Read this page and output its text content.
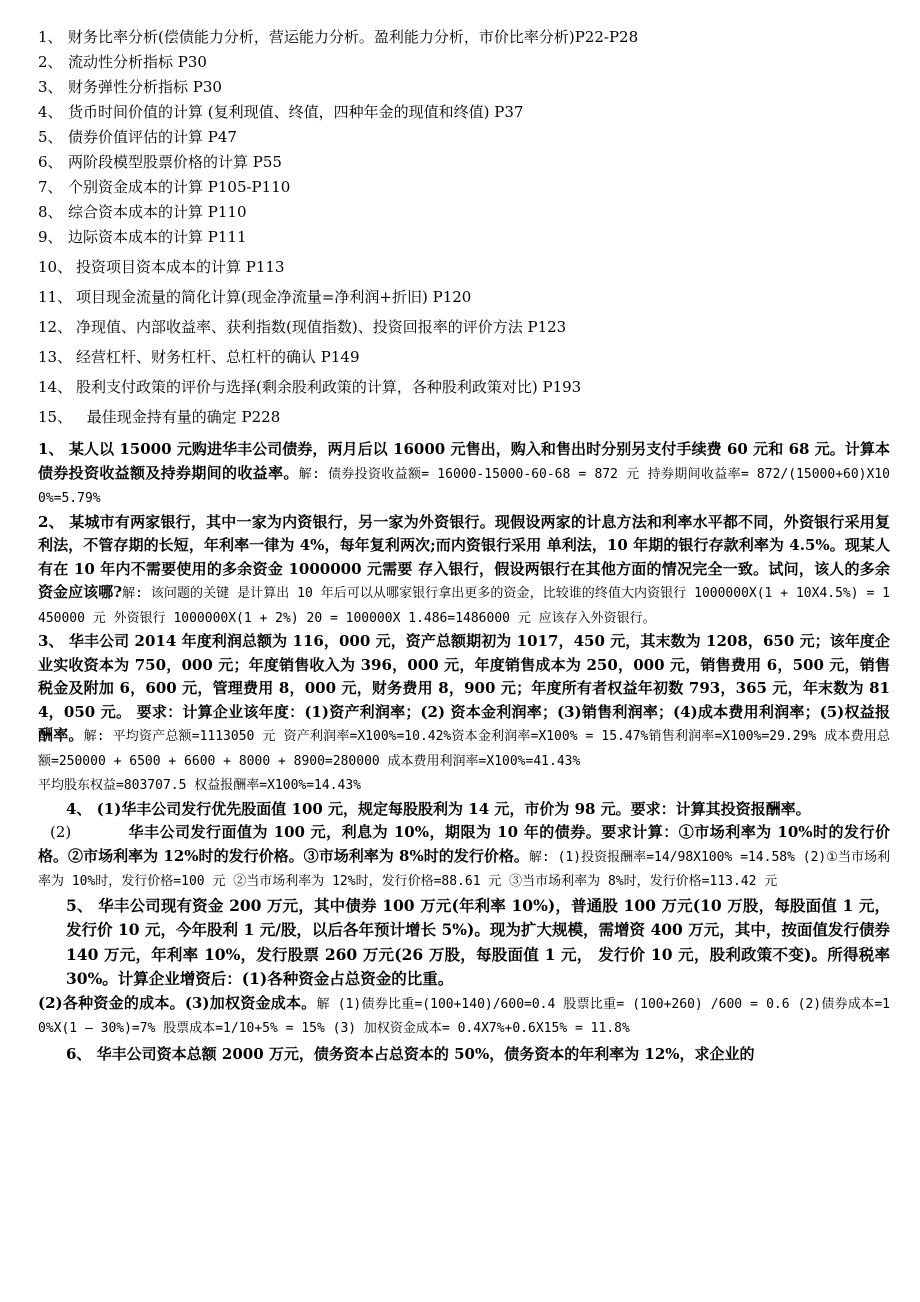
1、 财务比率分析(偿债能力分析，营运能力分析。盈利能力分析，市价比率分析)P22-P28
2、 流动性分析指标 P30
3、 财务弹性分析指标 P30
4、 货币时间价值的计算 (复利现值、终值，四种年金的现值和终值) P37
5、 债券价值评估的计算 P47
6、 两阶段模型股票价格的计算 P55
7、 个别资金成本的计算 P105-P110
8、 综合资本成本的计算 P110
9、 边际资本成本的计算 P111
10、 投资项目资本成本的计算 P113
11、 项目现金流量的简化计算(现金净流量=净利润+折旧) P120
12、 净现值、内部收益率、获利指数(现值指数)、投资回报率的评价方法 P123
13、 经营杠杆、财务杠杆、总杠杆的确认 P149
14、 股利支付政策的评价与选择(剩余股利政策的计算，各种股利政策对比) P193
15、 最佳现金持有量的确定 P228

1、 某人以 15000 元购进华丰公司债券，两月后以 16000 元售出，购入和售出时分别另支付手续费 60 元和 68 元。计算本债券投资收益额及持券期间的收益率。解: 债券投资收益额= 16000-15000-60-68 = 872 元 持券期间收益率= 872/(15000+60)X100%=5.79%

2、 某城市有两家银行，其中一家为内资银行，另一家为外资银行。现假设两家的计息方法和利率水平都不同，外资银行采用复利法，不管存期的长短，年利率一律为 4%，每年复利两次;而内资银行采用 单利法，10 年期的银行存款利率为 4.5%。现某人有在 10 年内不需要使用的多余资金 1000000 元需要 存入银行，假设两银行在其他方面的情况完全一致。试问，该人的多余资金应该哪?解: 该问题的关键 是计算出 10 年后可以从哪家银行拿出更多的资金，比较谁的终值大内资银行 1000000X(1 + 10X4.5%) = 1450000 元 外资银行 1000000X(1 + 2%) 20 = 100000X 1.486=1486000 元 应该存入外资银行。

3、 华丰公司 2014 年度利润总额为 116，000 元，资产总额期初为 1017，450 元，其末数为 1208，650 元；该年度企业实收资本为 750，000 元；年度销售收入为 396，000 元，年度销售成本为 250，000 元，销售费用 6，500 元，销售税金及附加 6，600 元，管理费用 8，000 元，财务费用 8，900 元；年度所有者权益年初数 793，365 元，年末数为 814，050 元。 要求：计算企业该年度：(1)资产利润率；(2) 资本金利润率；(3)销售利润率；(4)成本费用利润率；(5)权益报酬率。解: 平均资产总额=1113050 元 资产利润率=X100%=10.42%资本金利润率=X100% = 15.47%销售利润率=X100%=29.29% 成本费用总额=250000 + 6500 + 6600 + 8000 + 8900=280000 成本费用利润率=X100%=41.43%

平均股东权益=803707.5 权益报酬率=X100%=14.43%

4、 (1)华丰公司发行优先股面值 100 元，规定每股股利为 14 元，市价为 98 元。要求：计算其投资报酬率。

(2)	华丰公司发行面值为 100 元，利息为 10%，期限为 10 年的债券。要求计算：①市场利率为 10%时的发行价格。②市场利率为 12%时的发行价格。③市场利率为 8%时的发行价格。解: (1)投资报酬率=14/98X100% =14.58% (2)①当市场利率为 10%时，发行价格=100 元 ②当市场利率为 12%时，发行价格=88.61 元 ③当市场利率为 8%时，发行价格=113.42 元

5、 华丰公司现有资金 200 万元，其中债券 100 万元(年利率 10%)，普通股 100 万元(10 万股，每股面值 1 元，发行价 10 元，今年股利 1 元/股，以后各年预计增长 5%)。现为扩大规模，需增资 400 万元，其中，按面值发行债券 140 万元，年利率 10%，发行股票 260 万元(26 万股，每股面值 1 元， 发行价 10 元，股利政策不变)。所得税率 30%。计算企业增资后：(1)各种资金占总资金的比重。

(2)各种资金的成本。(3)加权资金成本。解 (1)债券比重=(100+140)/600=0.4 股票比重= (100+260) /600 = 0.6 (2)债券成本=10%X(1 — 30%)=7% 股票成本=1/10+5% = 15% (3) 加权资金成本= 0.4X7%+0.6X15% = 11.8%

6、 华丰公司资本总额 2000 万元，债务资本占总资本的 50%，债务资本的年利率为 12%，求企业的
